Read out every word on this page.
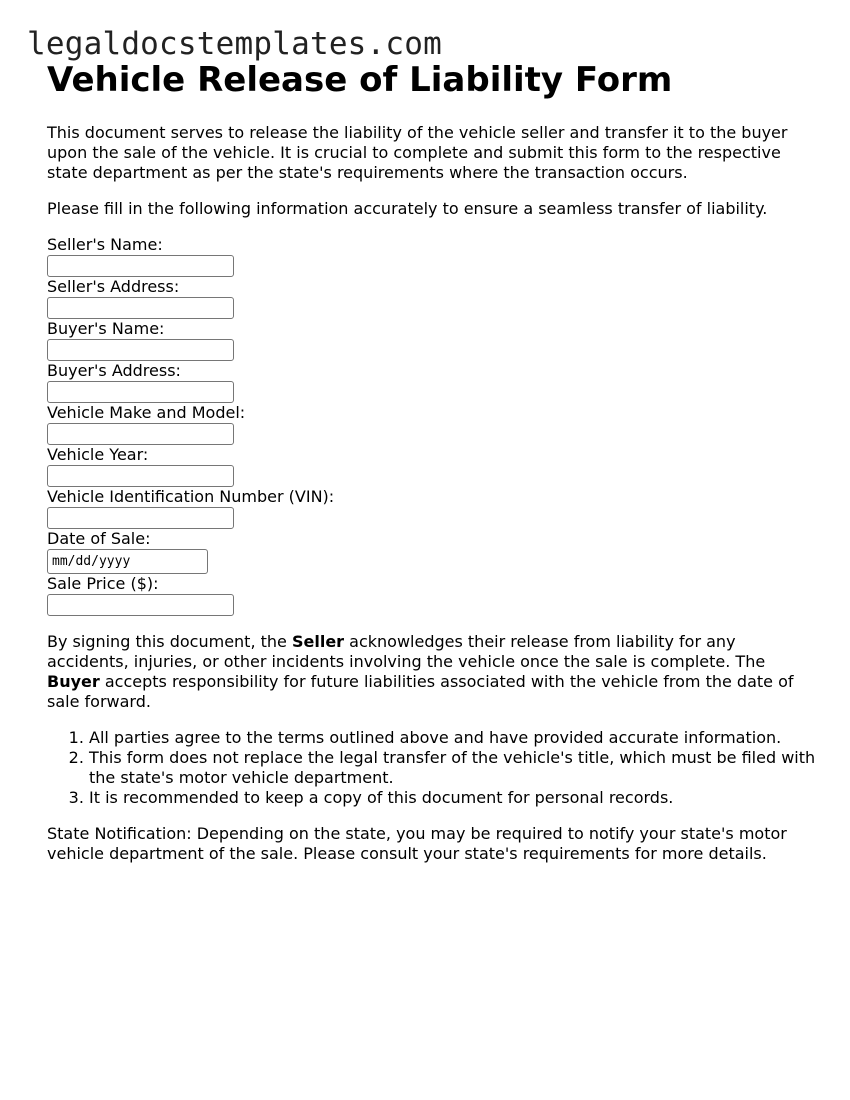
legaldocstemplates.com
Vehicle Release of Liability Form

This document serves to release the liability of the vehicle seller and transfer it to the buyer upon the sale of the vehicle. It is crucial to complete and submit this form to the respective state department as per the state's requirements where the transaction occurs.

Please fill in the following information accurately to ensure a seamless transfer of liability.

Seller's Name:
Seller's Address:
Buyer's Name:
Buyer's Address:
Vehicle Make and Model:
Vehicle Year:
Vehicle Identification Number (VIN):
Date of Sale:
mm/dd/yyyy
Sale Price ($):

By signing this document, the Seller acknowledges their release from liability for any accidents, injuries, or other incidents involving the vehicle once the sale is complete. The Buyer accepts responsibility for future liabilities associated with the vehicle from the date of sale forward.

1. All parties agree to the terms outlined above and have provided accurate information.
2. This form does not replace the legal transfer of the vehicle's title, which must be filed with the state's motor vehicle department.
3. It is recommended to keep a copy of this document for personal records.

State Notification: Depending on the state, you may be required to notify your state's motor vehicle department of the sale. Please consult your state's requirements for more details.
